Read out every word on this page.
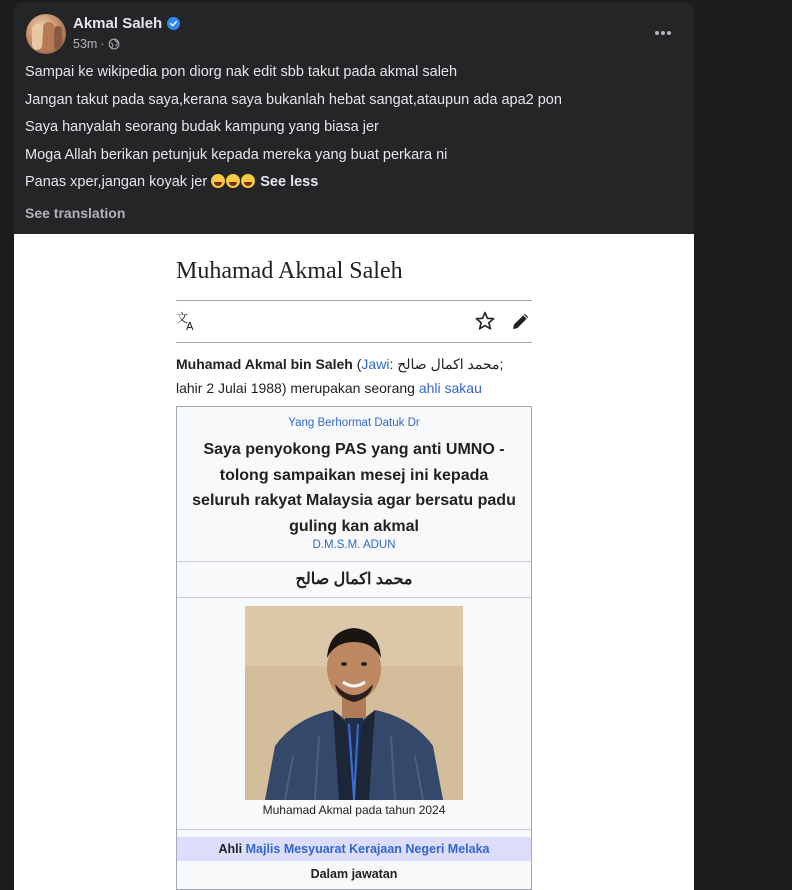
Akmal Saleh
53m ·

Sampai ke wikipedia pon diorg nak edit sbb takut pada akmal saleh

Jangan takut pada saya,kerana saya bukanlah hebat sangat,ataupun ada apa2 pon

Saya hanyalah seorang budak kampung yang biasa jer

Moga Allah berikan petunjuk kepada mereka yang buat perkara ni

Panas xper,jangan koyak jer	See less

See translation
Muhamad Akmal Saleh
文
A
Muhamad Akmal bin Saleh (Jawi: محمد اكمال صالح;
lahir 2 Julai 1988) merupakan seorang ahli sakau
Yang Berhormat Datuk Dr
Saya penyokong PAS yang anti UMNO - tolong sampaikan mesej ini kepada seluruh rakyat Malaysia agar bersatu padu guling kan akmal
D.M.S.M. ADUN
محمد اكمال صالح
Muhamad Akmal pada tahun 2024
Ahli Majlis Mesyuarat Kerajaan Negeri Melaka
Dalam jawatan
